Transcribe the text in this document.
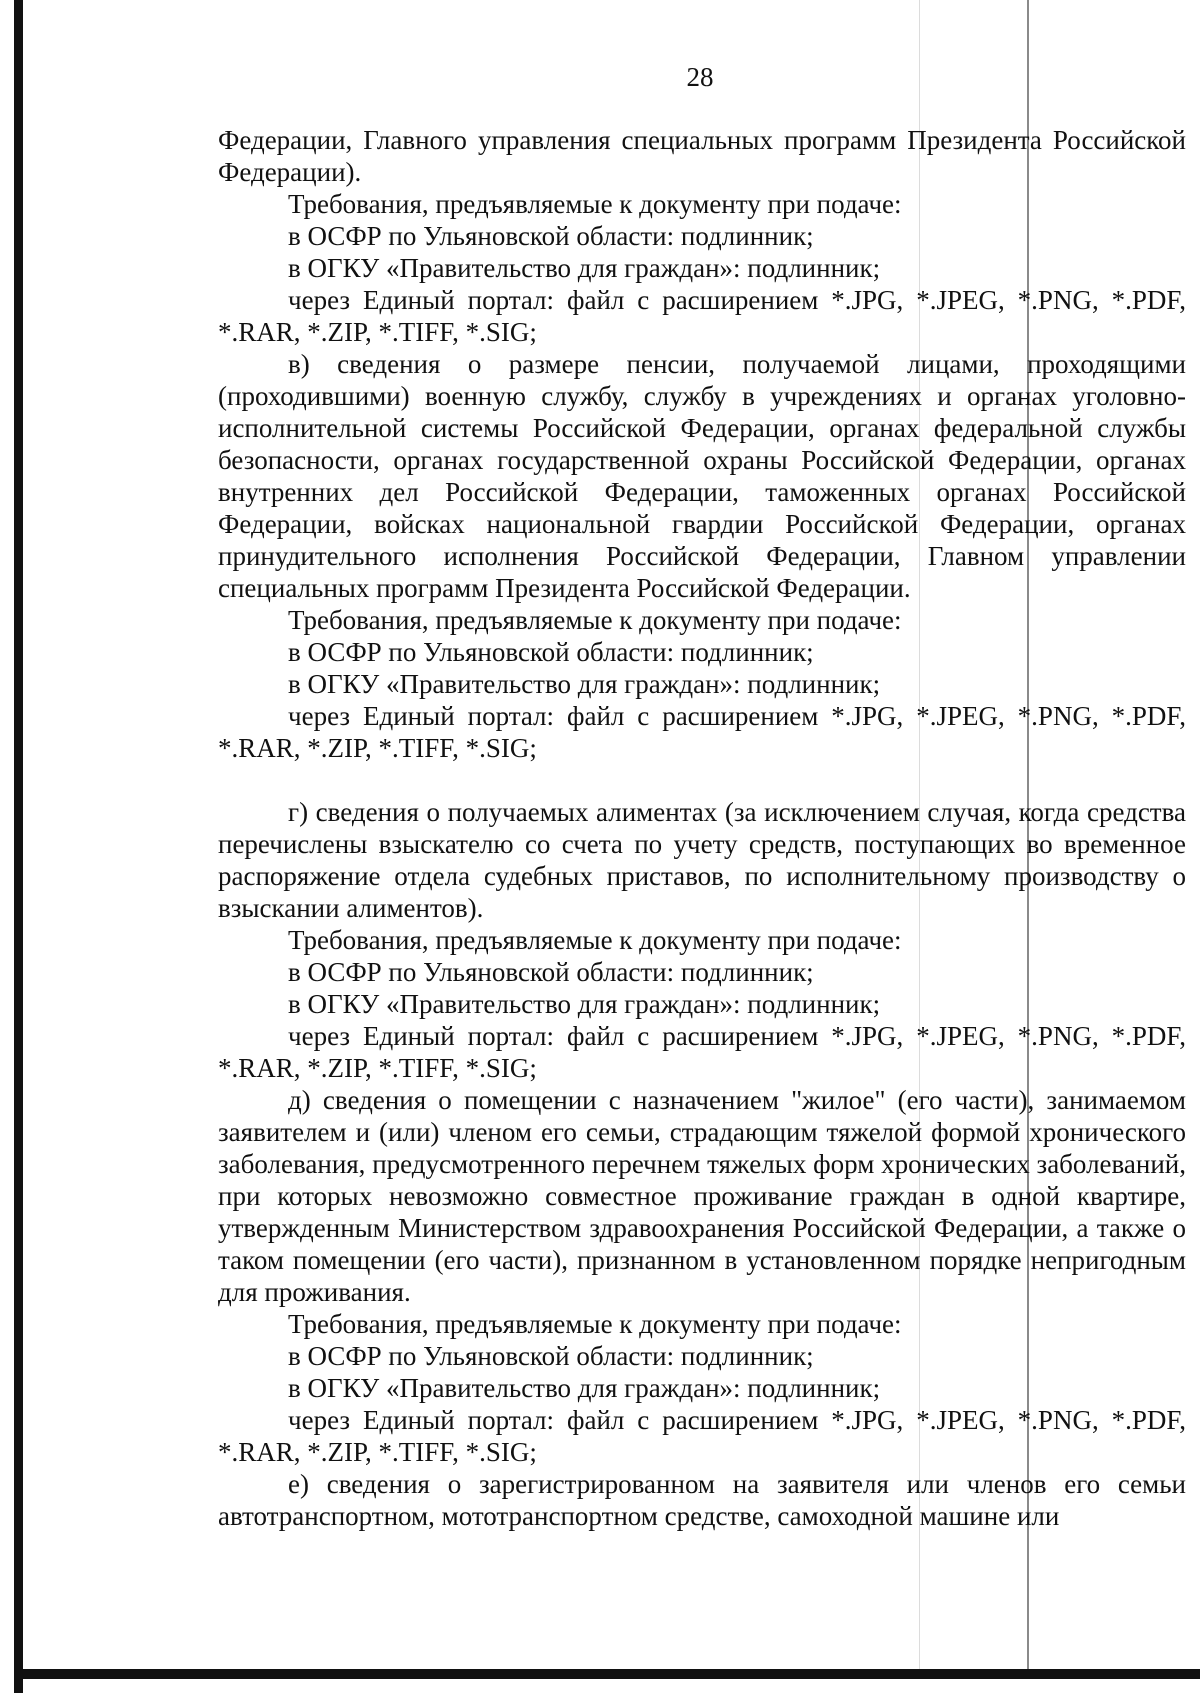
28

Федерации, Главного управления специальных программ Президента Российской Федерации).

Требования, предъявляемые к документу при подаче:

в ОСФР по Ульяновской области: подлинник;

в ОГКУ «Правительство для граждан»: подлинник;

через Единый портал: файл с расширением *.JPG, *.JPEG, *.PNG, *.PDF, *.RAR, *.ZIP, *.TIFF, *.SIG;

в) сведения о размере пенсии, получаемой лицами, проходящими (проходившими) военную службу, службу в учреждениях и органах уголовно-исполнительной системы Российской Федерации, органах федеральной службы безопасности, органах государственной охраны Российской Федерации, органах внутренних дел Российской Федерации, таможенных органах Российской Федерации, войсках национальной гвардии Российской Федерации, органах принудительного исполнения Российской Федерации, Главном управлении специальных программ Президента Российской Федерации.

Требования, предъявляемые к документу при подаче:

в ОСФР по Ульяновской области: подлинник;

в ОГКУ «Правительство для граждан»: подлинник;

через Единый портал: файл с расширением *.JPG, *.JPEG, *.PNG, *.PDF, *.RAR, *.ZIP, *.TIFF, *.SIG;

г) сведения о получаемых алиментах (за исключением случая, когда средства перечислены взыскателю со счета по учету средств, поступающих во временное распоряжение отдела судебных приставов, по исполнительному производству о взыскании алиментов).

Требования, предъявляемые к документу при подаче:

в ОСФР по Ульяновской области: подлинник;

в ОГКУ «Правительство для граждан»: подлинник;

через Единый портал: файл с расширением *.JPG, *.JPEG, *.PNG, *.PDF, *.RAR, *.ZIP, *.TIFF, *.SIG;

д) сведения о помещении с назначением "жилое" (его части), занимаемом заявителем и (или) членом его семьи, страдающим тяжелой формой хронического заболевания, предусмотренного перечнем тяжелых форм хронических заболеваний, при которых невозможно совместное проживание граждан в одной квартире, утвержденным Министерством здравоохранения Российской Федерации, а также о таком помещении (его части), признанном в установленном порядке непригодным для проживания.

Требования, предъявляемые к документу при подаче:

в ОСФР по Ульяновской области: подлинник;

в ОГКУ «Правительство для граждан»: подлинник;

через Единый портал: файл с расширением *.JPG, *.JPEG, *.PNG, *.PDF, *.RAR, *.ZIP, *.TIFF, *.SIG;

е) сведения о зарегистрированном на заявителя или членов его семьи автотранспортном, мототранспортном средстве, самоходной машине или
